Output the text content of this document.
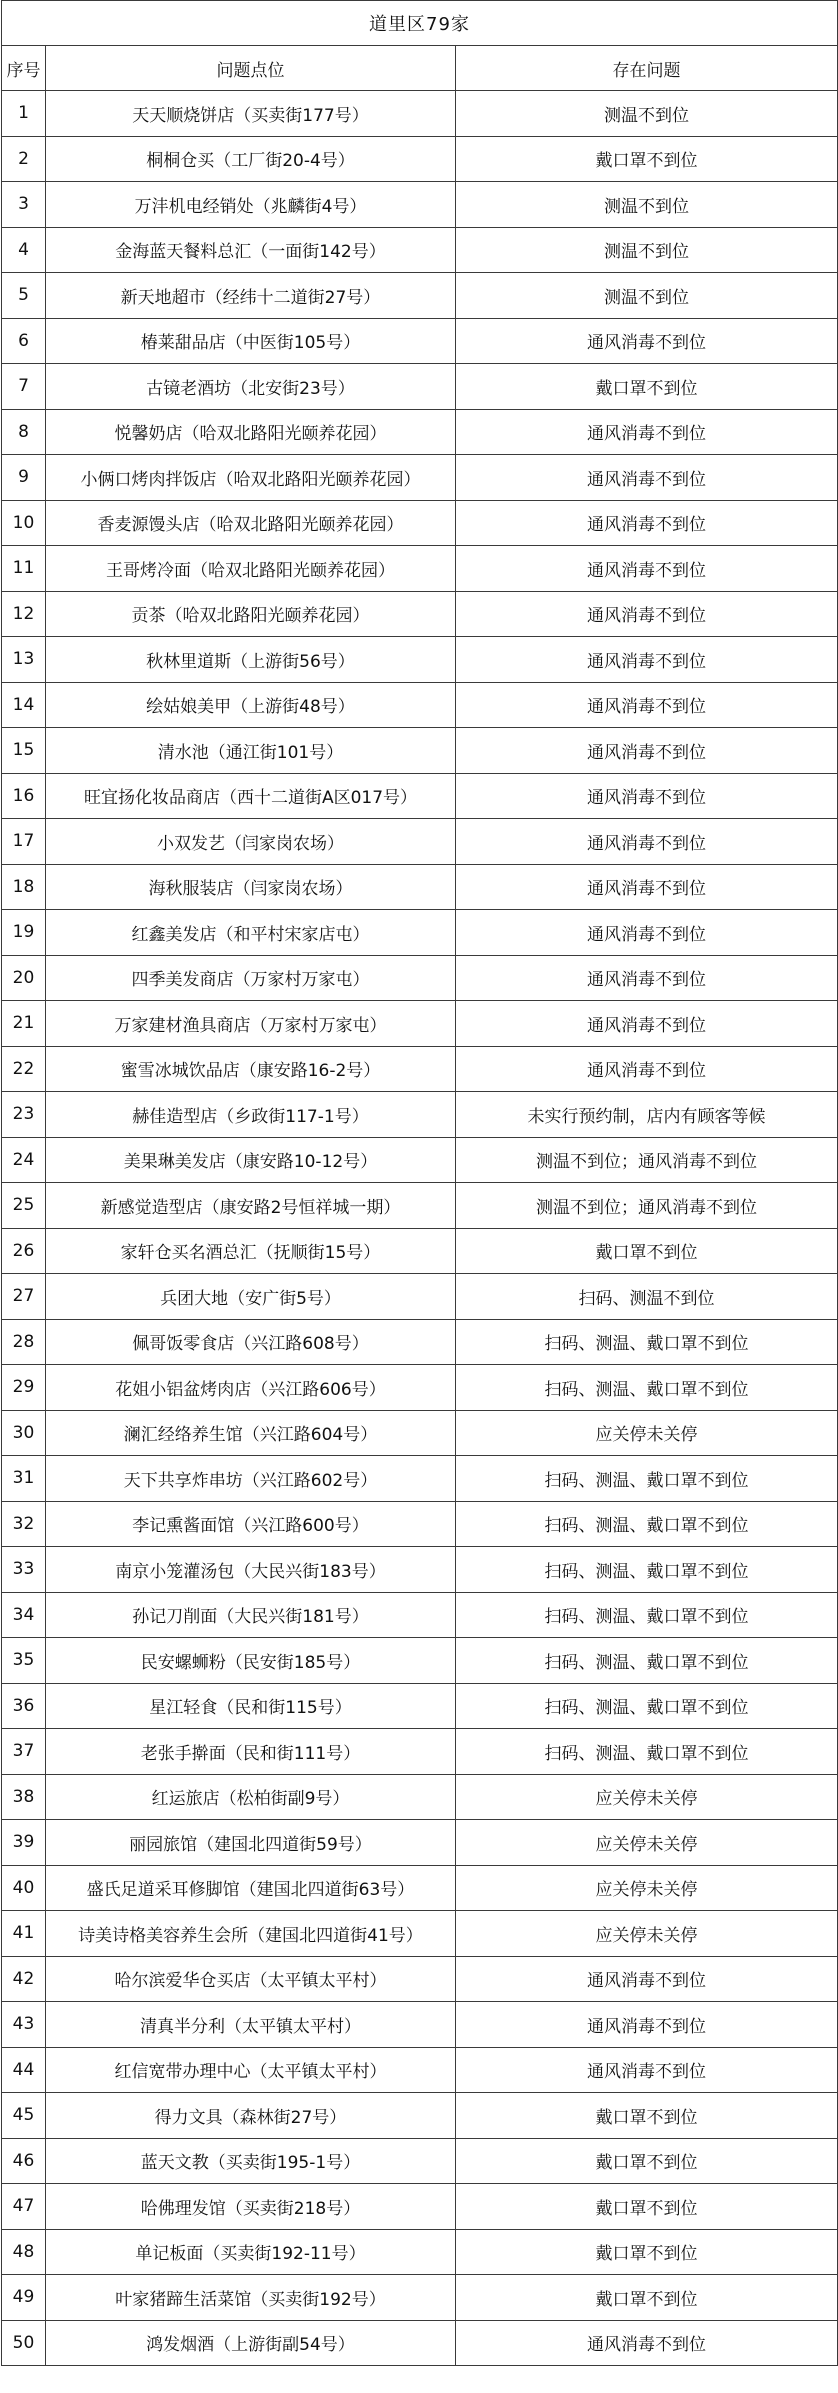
道里区79家		
序号	问题点位	存在问题
1	天天顺烧饼店（买卖街177号）	测温不到位
2	桐桐仓买（工厂街20-4号）	戴口罩不到位
3	万沣机电经销处（兆麟街4号）	测温不到位
4	金海蓝天餐料总汇（一面街142号）	测温不到位
5	新天地超市（经纬十二道街27号）	测温不到位
6	椿莱甜品店（中医街105号）	通风消毒不到位
7	古镜老酒坊（北安街23号）	戴口罩不到位
8	悦馨奶店（哈双北路阳光颐养花园）	通风消毒不到位
9	小俩口烤肉拌饭店（哈双北路阳光颐养花园）	通风消毒不到位
10	香麦源馒头店（哈双北路阳光颐养花园）	通风消毒不到位
11	王哥烤冷面（哈双北路阳光颐养花园）	通风消毒不到位
12	贡茶（哈双北路阳光颐养花园）	通风消毒不到位
13	秋林里道斯（上游街56号）	通风消毒不到位
14	绘姑娘美甲（上游街48号）	通风消毒不到位
15	清水池（通江街101号）	通风消毒不到位
16	旺宜扬化妆品商店（西十二道街A区017号）	通风消毒不到位
17	小双发艺（闫家岗农场）	通风消毒不到位
18	海秋服装店（闫家岗农场）	通风消毒不到位
19	红鑫美发店（和平村宋家店屯）	通风消毒不到位
20	四季美发商店（万家村万家屯）	通风消毒不到位
21	万家建材渔具商店（万家村万家屯）	通风消毒不到位
22	蜜雪冰城饮品店（康安路16-2号）	通风消毒不到位
23	赫佳造型店（乡政街117-1号）	未实行预约制，店内有顾客等候
24	美果琳美发店（康安路10-12号）	测温不到位；通风消毒不到位
25	新感觉造型店（康安路2号恒祥城一期）	测温不到位；通风消毒不到位
26	家轩仓买名酒总汇（抚顺街15号）	戴口罩不到位
27	兵团大地（安广街5号）	扫码、测温不到位
28	佩哥饭零食店（兴江路608号）	扫码、测温、戴口罩不到位
29	花姐小铝盆烤肉店（兴江路606号）	扫码、测温、戴口罩不到位
30	澜汇经络养生馆（兴江路604号）	应关停未关停
31	天下共享炸串坊（兴江路602号）	扫码、测温、戴口罩不到位
32	李记熏酱面馆（兴江路600号）	扫码、测温、戴口罩不到位
33	南京小笼灌汤包（大民兴街183号）	扫码、测温、戴口罩不到位
34	孙记刀削面（大民兴街181号）	扫码、测温、戴口罩不到位
35	民安螺蛳粉（民安街185号）	扫码、测温、戴口罩不到位
36	星江轻食（民和街115号）	扫码、测温、戴口罩不到位
37	老张手擀面（民和街111号）	扫码、测温、戴口罩不到位
38	红运旅店（松柏街副9号）	应关停未关停
39	丽园旅馆（建国北四道街59号）	应关停未关停
40	盛氏足道采耳修脚馆（建国北四道街63号）	应关停未关停
41	诗美诗格美容养生会所（建国北四道街41号）	应关停未关停
42	哈尔滨爱华仓买店（太平镇太平村）	通风消毒不到位
43	清真半分利（太平镇太平村）	通风消毒不到位
44	红信宽带办理中心（太平镇太平村）	通风消毒不到位
45	得力文具（森林街27号）	戴口罩不到位
46	蓝天文教（买卖街195-1号）	戴口罩不到位
47	哈佛理发馆（买卖街218号）	戴口罩不到位
48	单记板面（买卖街192-11号）	戴口罩不到位
49	叶家猪蹄生活菜馆（买卖街192号）	戴口罩不到位
50	鸿发烟酒（上游街副54号）	通风消毒不到位
